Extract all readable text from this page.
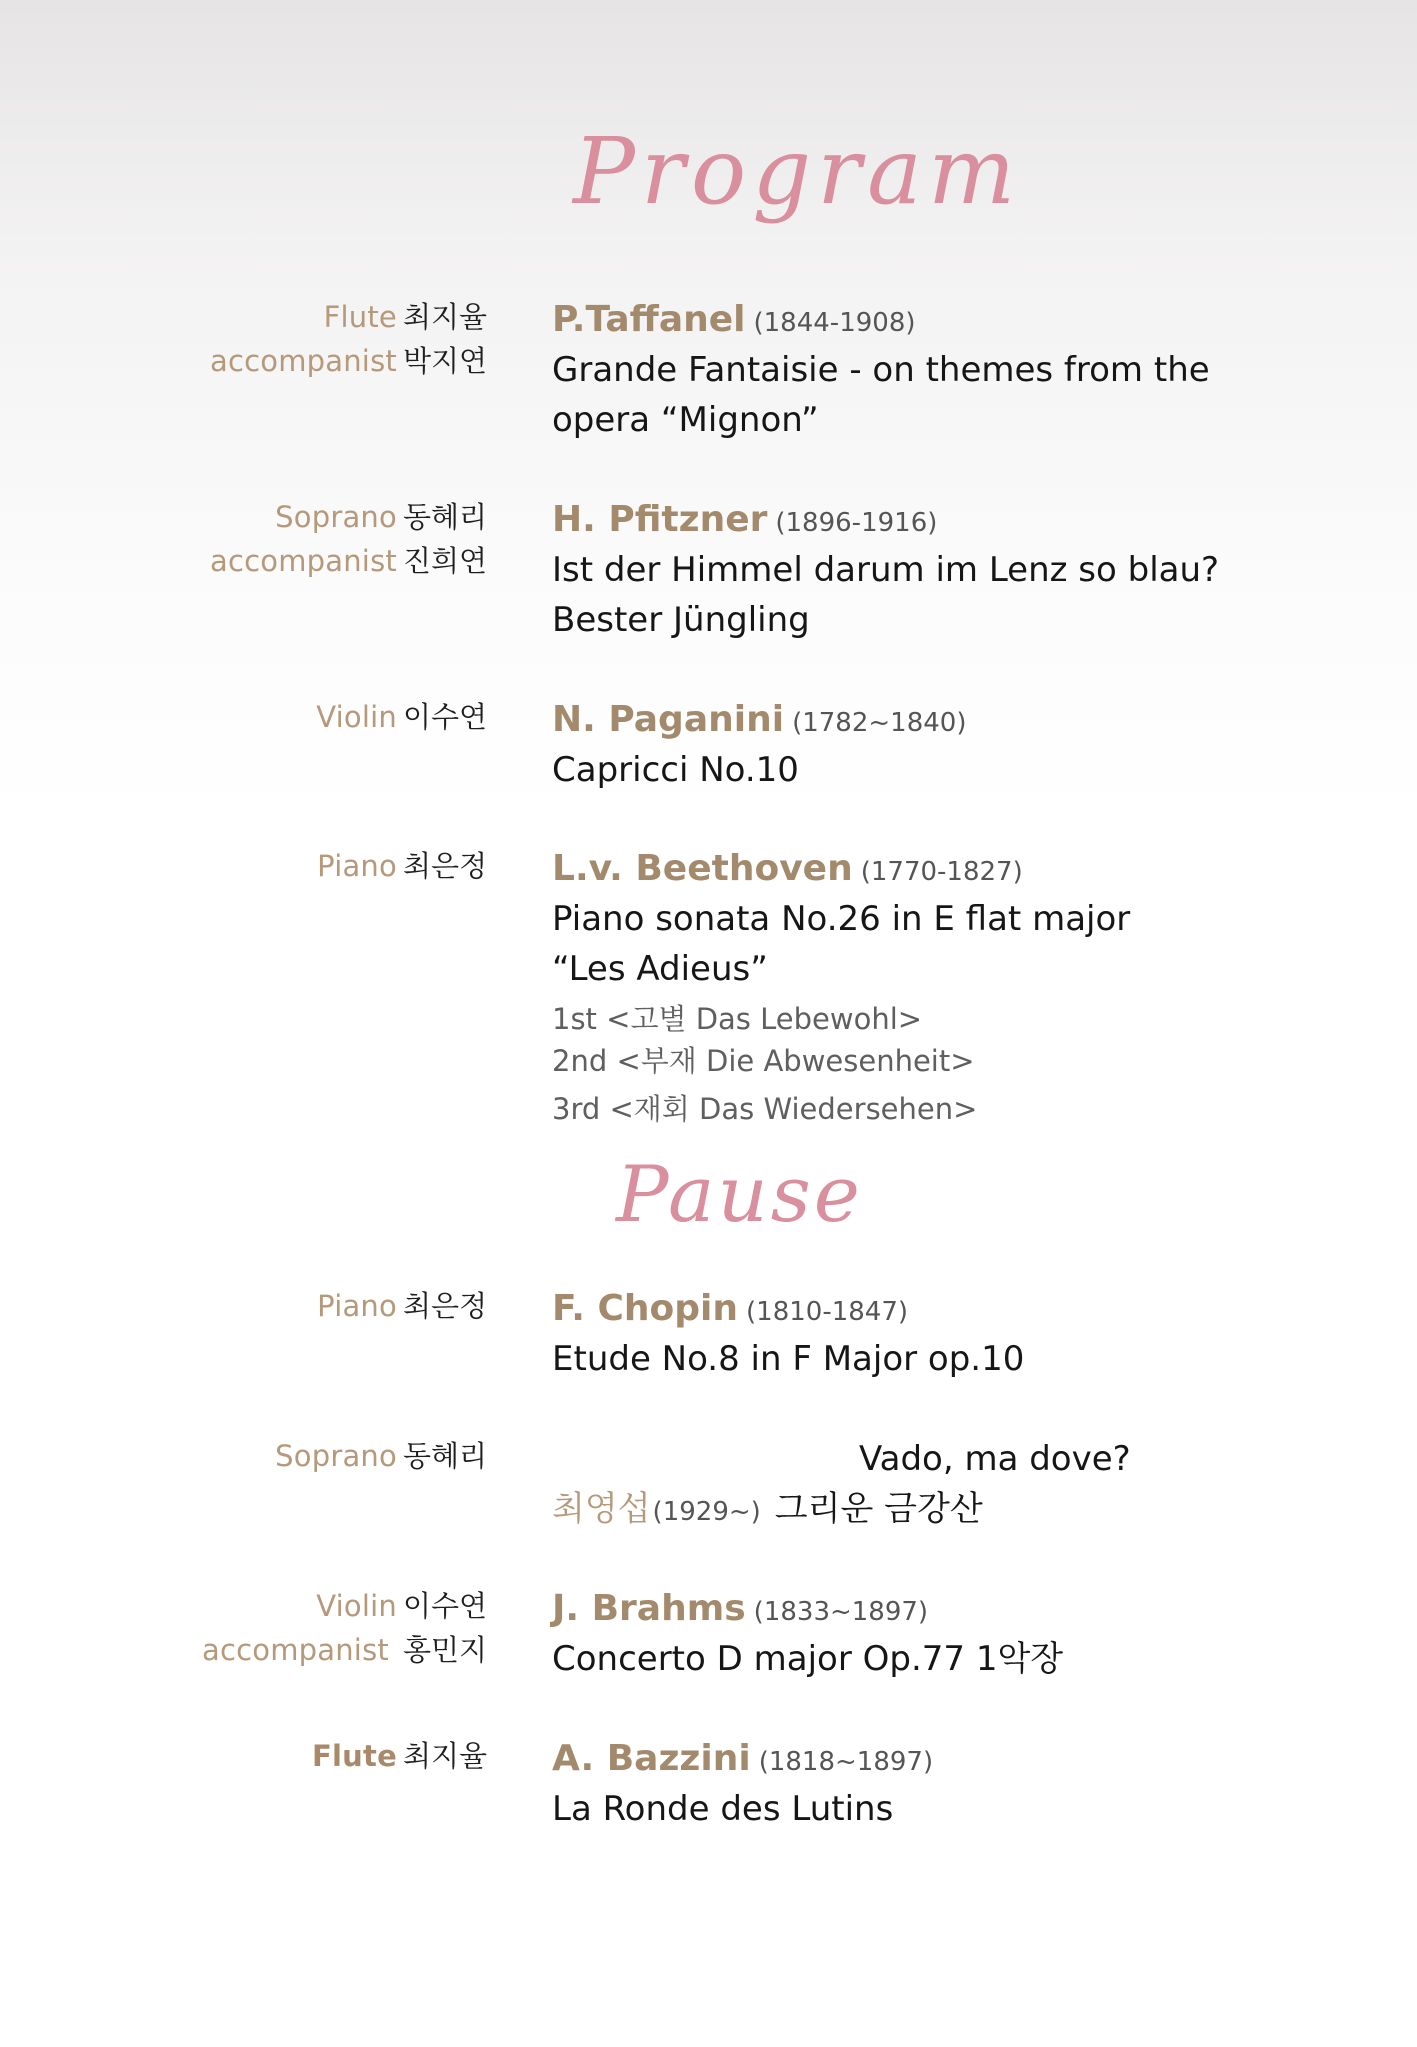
Program
Flute 최지율
accompanist 박지연
P.Taffanel (1844-1908)
Grande Fantaisie - on themes from the
opera “Mignon”
Soprano 동혜리
accompanist 진희연
H. Pfitzner (1896-1916)
Ist der Himmel darum im Lenz so blau?
Bester Jüngling
Violin 이수연 N. Paganini (1782~1840)
Capricci No.10
Piano 최은정 L.v. Beethoven (1770-1827)
Piano sonata No.26 in E flat major
“Les Adieus”
1st <고별 Das Lebewohl>
2nd <부재 Die Abwesenheit>
3rd <재회 Das Wiedersehen>
Pause
Piano 최은정 F. Chopin (1810-1847)
Etude No.8 in F Major op.10
Soprano 동혜리	Vado, ma dove?
최영섭(1929~) 그리운 금강산
Violin 이수연
accompanist 홍민지
J. Brahms (1833~1897)
Concerto D major Op.77 1악장
Flute 최지율 A. Bazzini (1818~1897)
La Ronde des Lutins
